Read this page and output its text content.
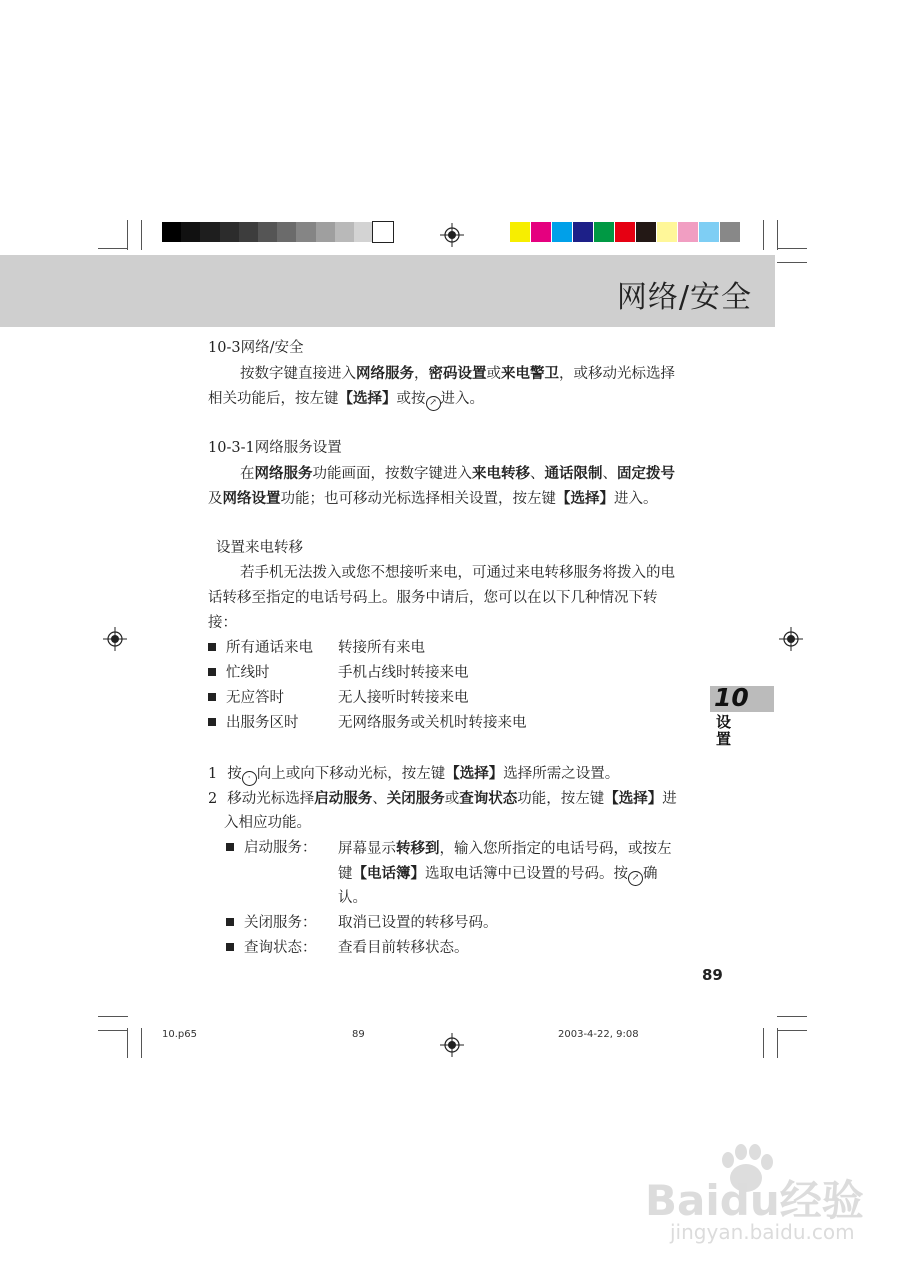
网络/安全
10-3网络/安全
按数字键直接进入网络服务，密码设置或来电警卫，或移动光标选择
相关功能后，按左键【选择】或按 ↗ 进入。
10-3-1网络服务设置
在网络服务功能画面，按数字键进入来电转移、通话限制、固定拨号
及网络设置功能；也可移动光标选择相关设置，按左键【选择】进入。
设置来电转移
若手机无法拨入或您不想接听来电，可通过来电转移服务将拨入的电
话转移至指定的电话号码上。服务中请后，您可以在以下几种情况下转
接：
所有通话来电 转接所有来电
忙线时	手机占线时转接来电
无应答时	无人接听时转接来电
出服务区时	无网络服务或关机时转接来电
1 按 · 向上或向下移动光标，按左键【选择】选择所需之设置。
2 移动光标选择启动服务、关闭服务或查询状态功能，按左键【选择】进
入相应功能。
启动服务： 屏幕显示转移到，输入您所指定的电话号码，或按左
键【电话簿】选取电话簿中已设置的号码。按 ↗ 确
认。
关闭服务： 取消已设置的转移号码。
查询状态： 查看目前转移状态。
10
设置
89
10.p65	89	2003-4-22, 9:08
Baidu经验
jingyan.baidu.com
